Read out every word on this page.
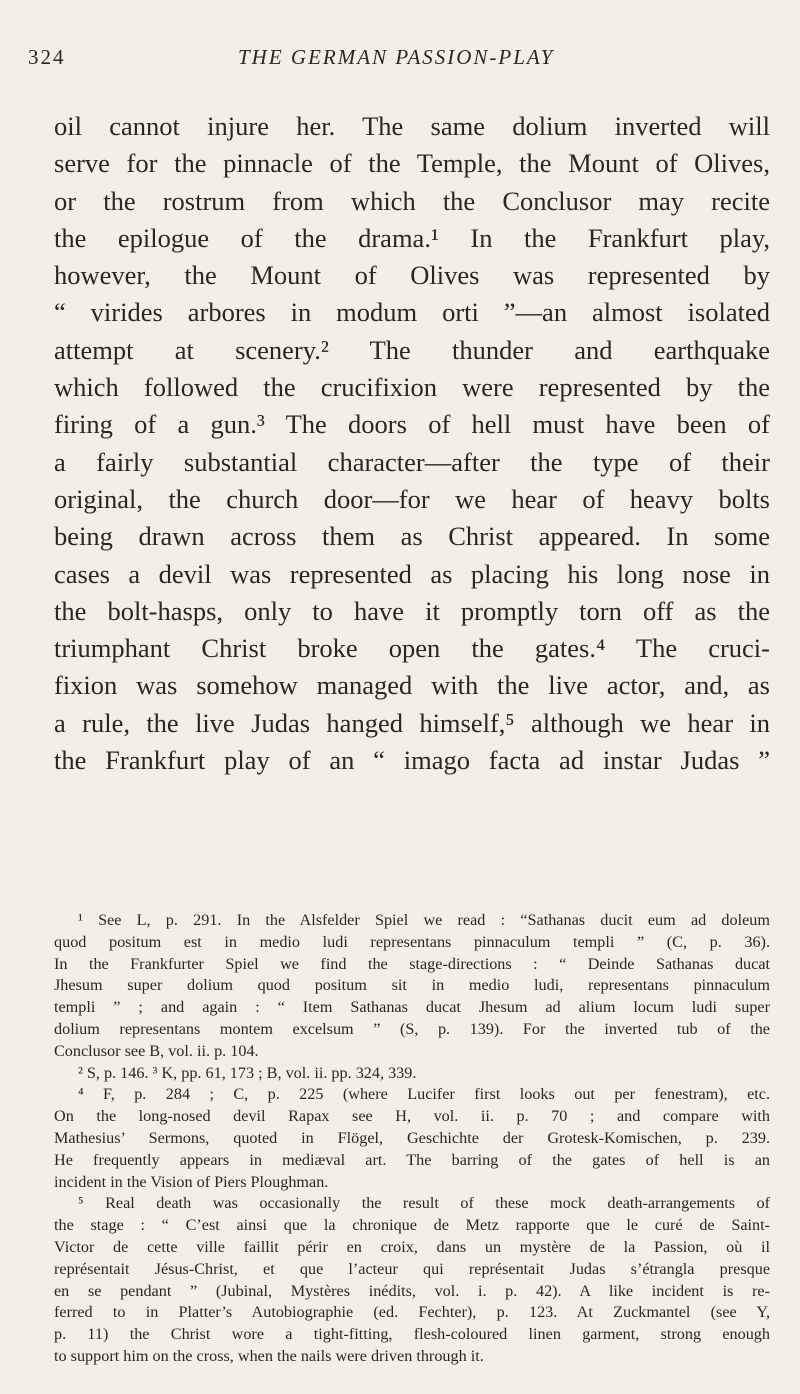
324	THE GERMAN PASSION-PLAY
oil cannot injure her. The same dolium inverted will
serve for the pinnacle of the Temple, the Mount of Olives,
or the rostrum from which the Conclusor may recite
the epilogue of the drama.¹ In the Frankfurt play,
however, the Mount of Olives was represented by
“ virides arbores in modum orti ”—an almost isolated
attempt at scenery.² The thunder and earthquake
which followed the crucifixion were represented by the
firing of a gun.³ The doors of hell must have been of
a fairly substantial character—after the type of their
original, the church door—for we hear of heavy bolts
being drawn across them as Christ appeared. In some
cases a devil was represented as placing his long nose in
the bolt-hasps, only to have it promptly torn off as the
triumphant Christ broke open the gates.⁴ The cruci-
fixion was somehow managed with the live actor, and, as
a rule, the live Judas hanged himself,⁵ although we hear in
the Frankfurt play of an “ imago facta ad instar Judas ”
¹ See L, p. 291. In the Alsfelder Spiel we read : “Sathanas ducit eum ad doleum
quod positum est in medio ludi representans pinnaculum templi ” (C, p. 36).
In the Frankfurter Spiel we find the stage-directions : “ Deinde Sathanas ducat
Jhesum super dolium quod positum sit in medio ludi, representans pinnaculum
templi ” ; and again : “ Item Sathanas ducat Jhesum ad alium locum ludi super
dolium representans montem excelsum ” (S, p. 139). For the inverted tub of the
Conclusor see B, vol. ii. p. 104.
² S, p. 146. ³ K, pp. 61, 173 ; B, vol. ii. pp. 324, 339.
⁴ F, p. 284 ; C, p. 225 (where Lucifer first looks out per fenestram), etc.
On the long-nosed devil Rapax see H, vol. ii. p. 70 ; and compare with
Mathesius’ Sermons, quoted in Flögel, Geschichte der Grotesk-Komischen, p. 239.
He frequently appears in mediæval art. The barring of the gates of hell is an
incident in the Vision of Piers Ploughman.
⁵ Real death was occasionally the result of these mock death-arrangements of
the stage : “ C’est ainsi que la chronique de Metz rapporte que le curé de Saint-
Victor de cette ville faillit périr en croix, dans un mystère de la Passion, où il
représentait Jésus-Christ, et que l’acteur qui représentait Judas s’étrangla presque
en se pendant ” (Jubinal, Mystères inédits, vol. i. p. 42). A like incident is re-
ferred to in Platter’s Autobiographie (ed. Fechter), p. 123. At Zuckmantel (see Y,
p. 11) the Christ wore a tight-fitting, flesh-coloured linen garment, strong enough
to support him on the cross, when the nails were driven through it.
